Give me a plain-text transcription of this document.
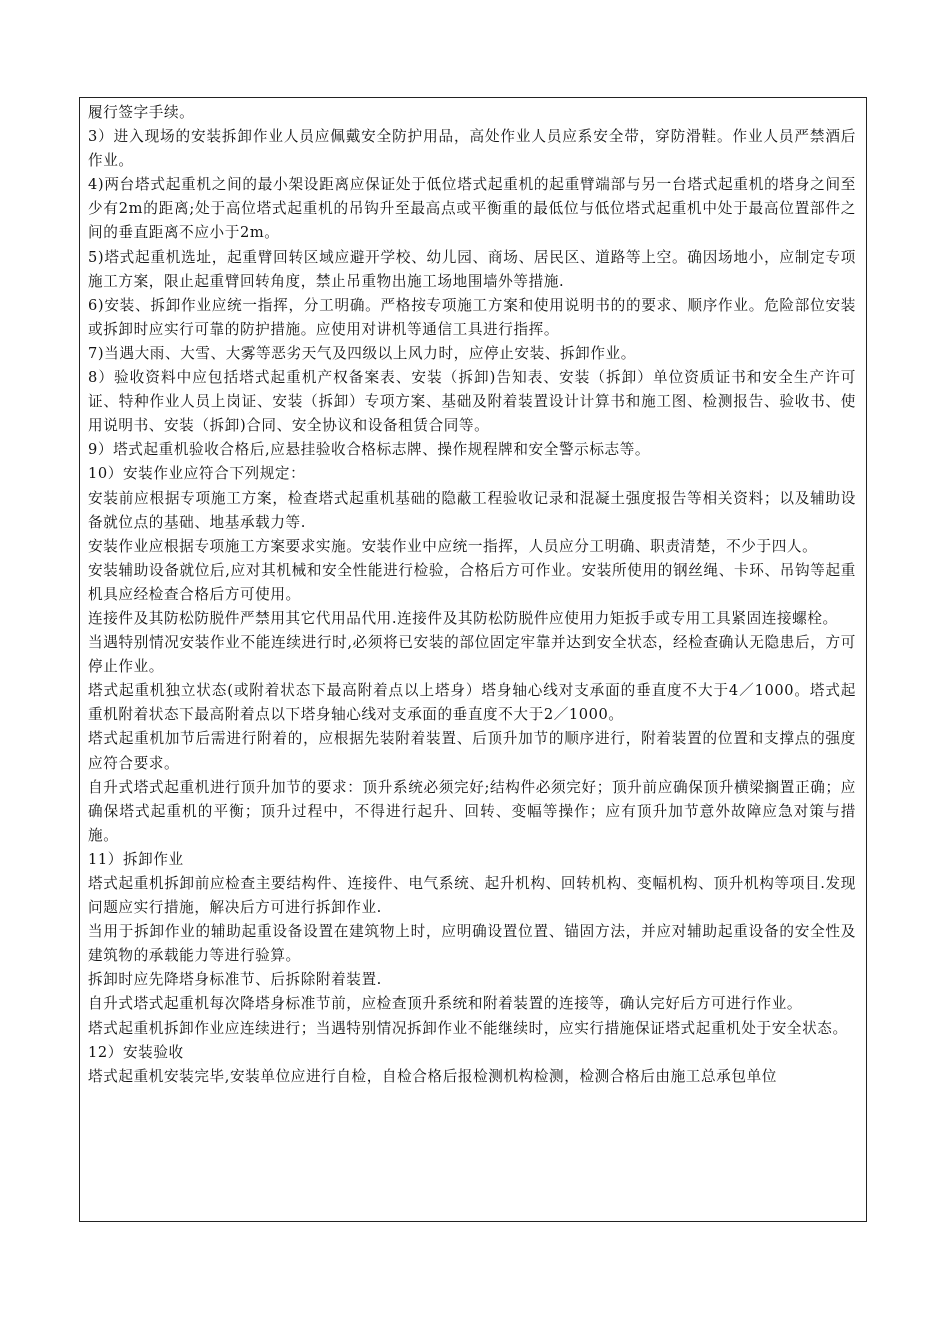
履行签字手续。

3）进入现场的安装拆卸作业人员应佩戴安全防护用品，高处作业人员应系安全带，穿防滑鞋。作业人员严禁酒后作业。

4)两台塔式起重机之间的最小架设距离应保证处于低位塔式起重机的起重臂端部与另一台塔式起重机的塔身之间至少有2m的距离;处于高位塔式起重机的吊钩升至最高点或平衡重的最低位与低位塔式起重机中处于最高位置部件之间的垂直距离不应小于2m。

5)塔式起重机选址，起重臂回转区域应避开学校、幼儿园、商场、居民区、道路等上空。确因场地小，应制定专项施工方案，限止起重臂回转角度，禁止吊重物出施工场地围墙外等措施.

6)安装、拆卸作业应统一指挥，分工明确。严格按专项施工方案和使用说明书的的要求、顺序作业。危险部位安装或拆卸时应实行可靠的防护措施。应使用对讲机等通信工具进行指挥。

7)当遇大雨、大雪、大雾等恶劣天气及四级以上风力时，应停止安装、拆卸作业。

8）验收资料中应包括塔式起重机产权备案表、安装（拆卸)告知表、安装（拆卸）单位资质证书和安全生产许可证、特种作业人员上岗证、安装（拆卸）专项方案、基础及附着装置设计计算书和施工图、检测报告、验收书、使用说明书、安装（拆卸)合同、安全协议和设备租赁合同等。

9）塔式起重机验收合格后,应悬挂验收合格标志牌、操作规程牌和安全警示标志等。

10）安装作业应符合下列规定：

安装前应根据专项施工方案，检查塔式起重机基础的隐蔽工程验收记录和混凝土强度报告等相关资料；以及辅助设备就位点的基础、地基承载力等.

安装作业应根据专项施工方案要求实施。安装作业中应统一指挥，人员应分工明确、职责清楚，不少于四人。

安装辅助设备就位后,应对其机械和安全性能进行检验，合格后方可作业。安装所使用的钢丝绳、卡环、吊钩等起重机具应经检查合格后方可使用。

连接件及其防松防脱件严禁用其它代用品代用.连接件及其防松防脱件应使用力矩扳手或专用工具紧固连接螺栓。

当遇特别情况安装作业不能连续进行时,必须将已安装的部位固定牢靠并达到安全状态，经检查确认无隐患后，方可停止作业。

塔式起重机独立状态(或附着状态下最高附着点以上塔身）塔身轴心线对支承面的垂直度不大于4／1000。塔式起重机附着状态下最高附着点以下塔身轴心线对支承面的垂直度不大于2／1000。

塔式起重机加节后需进行附着的，应根据先装附着装置、后顶升加节的顺序进行，附着装置的位置和支撑点的强度应符合要求。

自升式塔式起重机进行顶升加节的要求：顶升系统必须完好;结构件必须完好；顶升前应确保顶升横梁搁置正确；应确保塔式起重机的平衡；顶升过程中，不得进行起升、回转、变幅等操作；应有顶升加节意外故障应急对策与措施。

11）拆卸作业

塔式起重机拆卸前应检查主要结构件、连接件、电气系统、起升机构、回转机构、变幅机构、顶升机构等项目.发现问题应实行措施，解决后方可进行拆卸作业.

当用于拆卸作业的辅助起重设备设置在建筑物上时，应明确设置位置、锚固方法，并应对辅助起重设备的安全性及建筑物的承载能力等进行验算。

拆卸时应先降塔身标准节、后拆除附着装置.

自升式塔式起重机每次降塔身标准节前，应检查顶升系统和附着装置的连接等，确认完好后方可进行作业。

塔式起重机拆卸作业应连续进行；当遇特别情况拆卸作业不能继续时，应实行措施保证塔式起重机处于安全状态。

12）安装验收

塔式起重机安装完毕,安装单位应进行自检，自检合格后报检测机构检测，检测合格后由施工总承包单位
